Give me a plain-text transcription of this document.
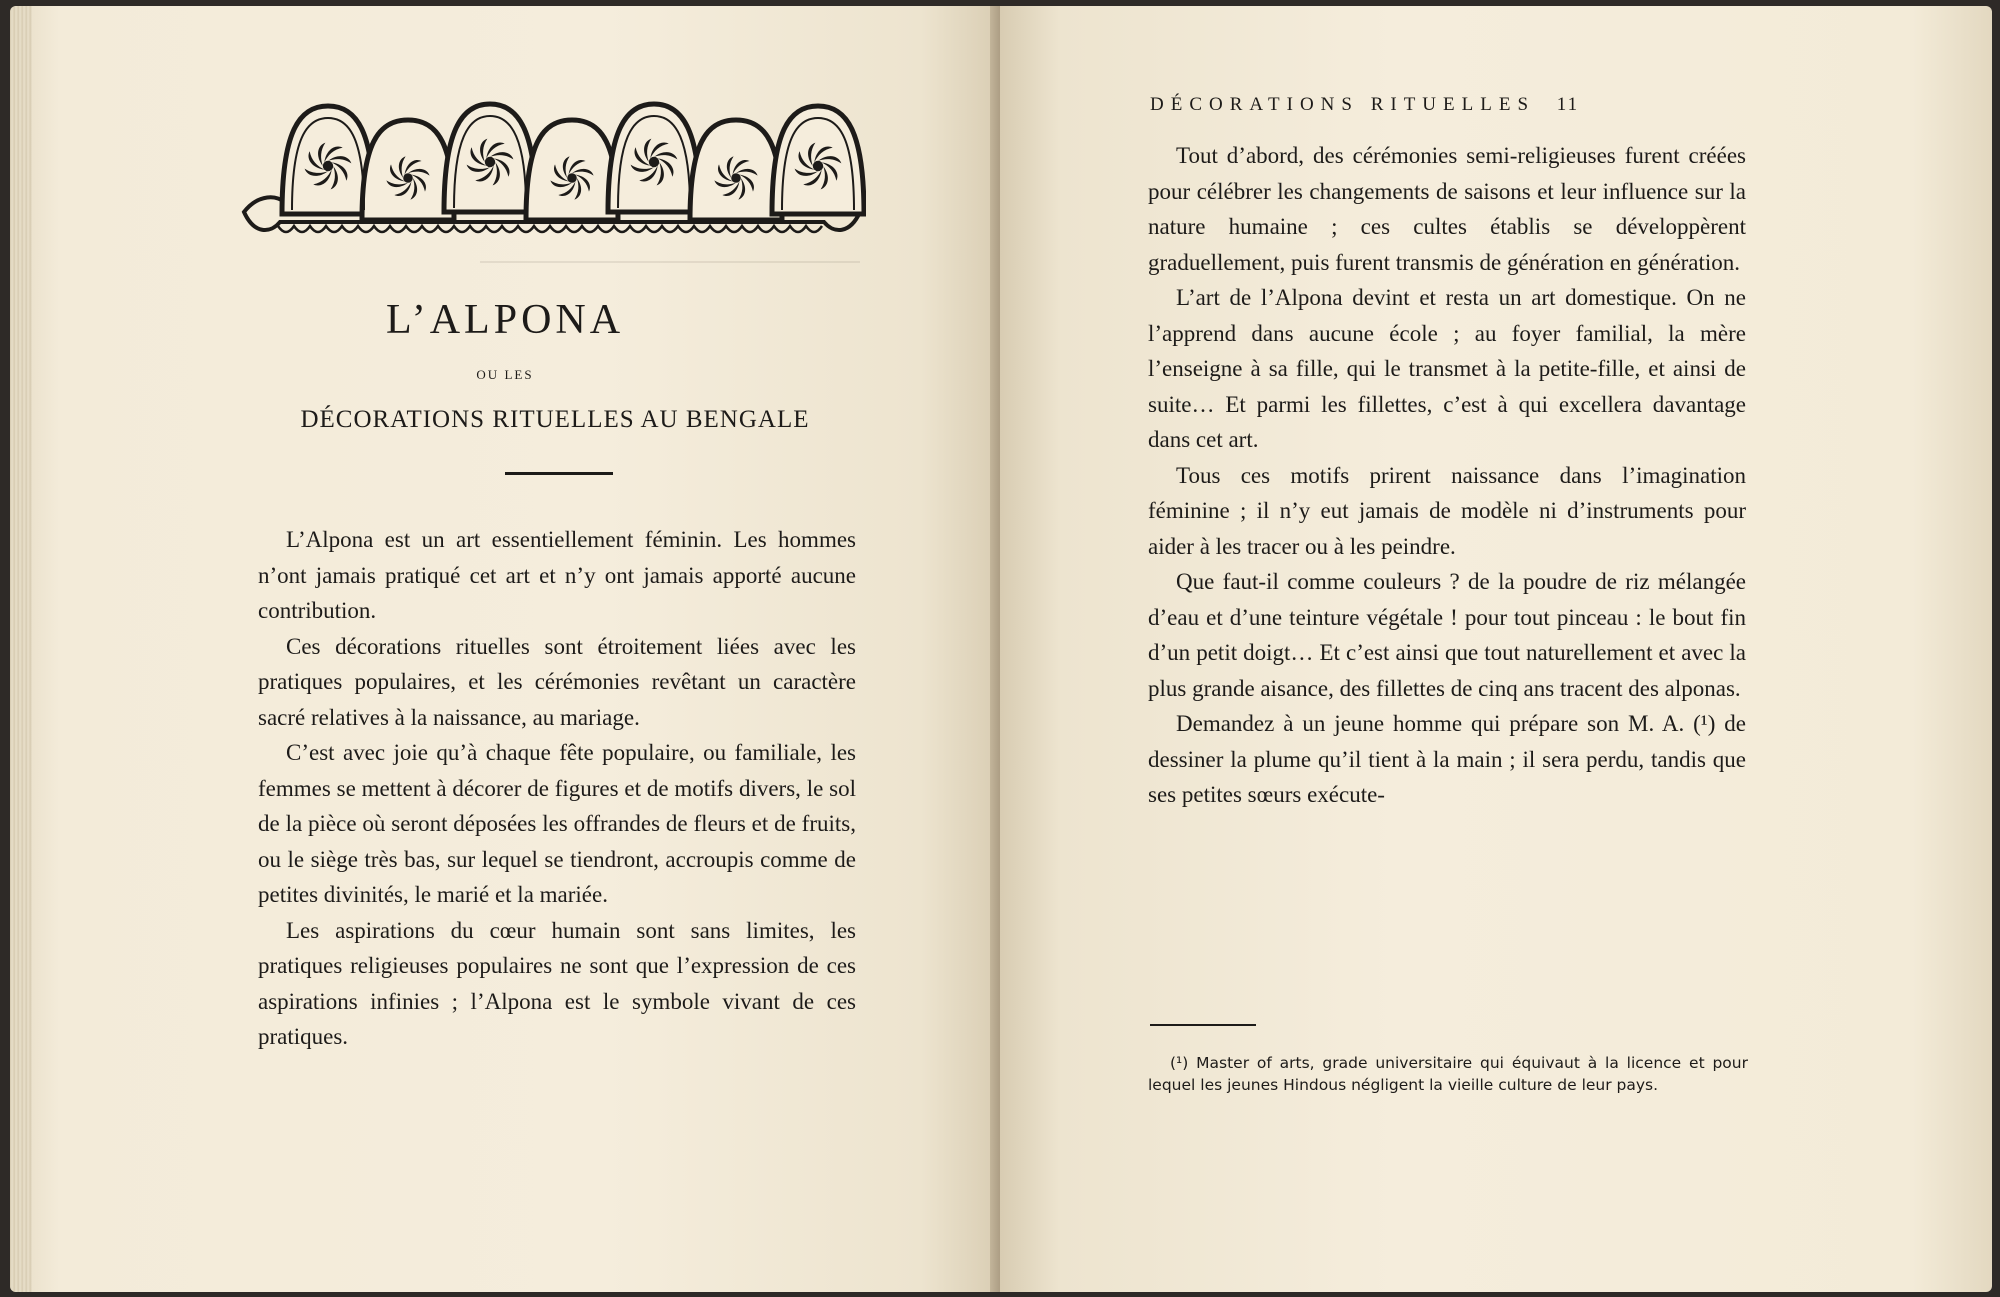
L’ALPONA
OU LES
DÉCORATIONS RITUELLES AU BENGALE

L’Alpona est un art essentiellement féminin. Les hommes n’ont jamais pratiqué cet art et n’y ont jamais apporté aucune contribution.

Ces décorations rituelles sont étroitement liées avec les pratiques populaires, et les cérémonies revêtant un caractère sacré relatives à la naissance, au mariage.

C’est avec joie qu’à chaque fête populaire, ou familiale, les femmes se mettent à décorer de figures et de motifs divers, le sol de la pièce où seront déposées les offrandes de fleurs et de fruits, ou le siège très bas, sur lequel se tiendront, accroupis comme de petites divinités, le marié et la mariée.

Les aspirations du cœur humain sont sans limites, les pratiques religieuses populaires ne sont que l’expression de ces aspirations infinies ; l’Alpona est le symbole vivant de ces pratiques.

DÉCORATIONS RITUELLES 11

Tout d’abord, des cérémonies semi-religieuses furent créées pour célébrer les changements de saisons et leur influence sur la nature humaine ; ces cultes établis se développèrent graduellement, puis furent transmis de génération en génération.

L’art de l’Alpona devint et resta un art domestique. On ne l’apprend dans aucune école ; au foyer familial, la mère l’enseigne à sa fille, qui le transmet à la petite-fille, et ainsi de suite… Et parmi les fillettes, c’est à qui excellera davantage dans cet art.

Tous ces motifs prirent naissance dans l’imagination féminine ; il n’y eut jamais de modèle ni d’instruments pour aider à les tracer ou à les peindre.

Que faut-il comme couleurs ? de la poudre de riz mélangée d’eau et d’une teinture végétale ! pour tout pinceau : le bout fin d’un petit doigt… Et c’est ainsi que tout naturellement et avec la plus grande aisance, des fillettes de cinq ans tracent des alponas.

Demandez à un jeune homme qui prépare son M. A. (¹) de dessiner la plume qu’il tient à la main ; il sera perdu, tandis que ses petites sœurs exécute-

(¹) Master of arts, grade universitaire qui équivaut à la licence et pour lequel les jeunes Hindous négligent la vieille culture de leur pays.
